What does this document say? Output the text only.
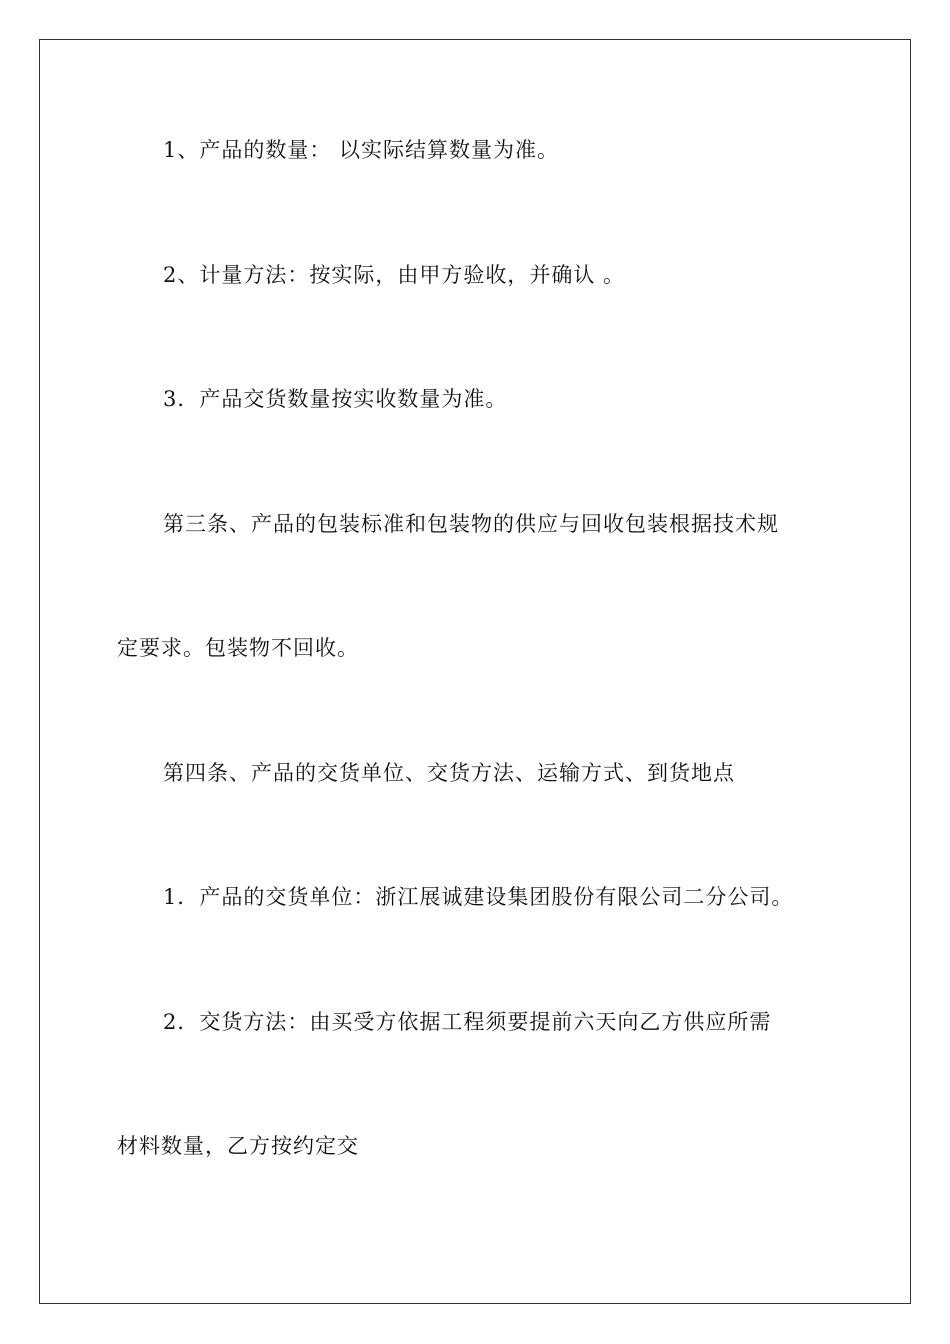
1、产品的数量： 以实际结算数量为准。
2、计量方法：按实际，由甲方验收，并确认 。
3．产品交货数量按实收数量为准。
第三条、产品的包装标准和包装物的供应与回收包装根据技术规
定要求。包装物不回收。
第四条、产品的交货单位、交货方法、运输方式、到货地点
1．产品的交货单位：浙江展诚建设集团股份有限公司二分公司。
2．交货方法：由买受方依据工程须要提前六天向乙方供应所需
材料数量，乙方按约定交
